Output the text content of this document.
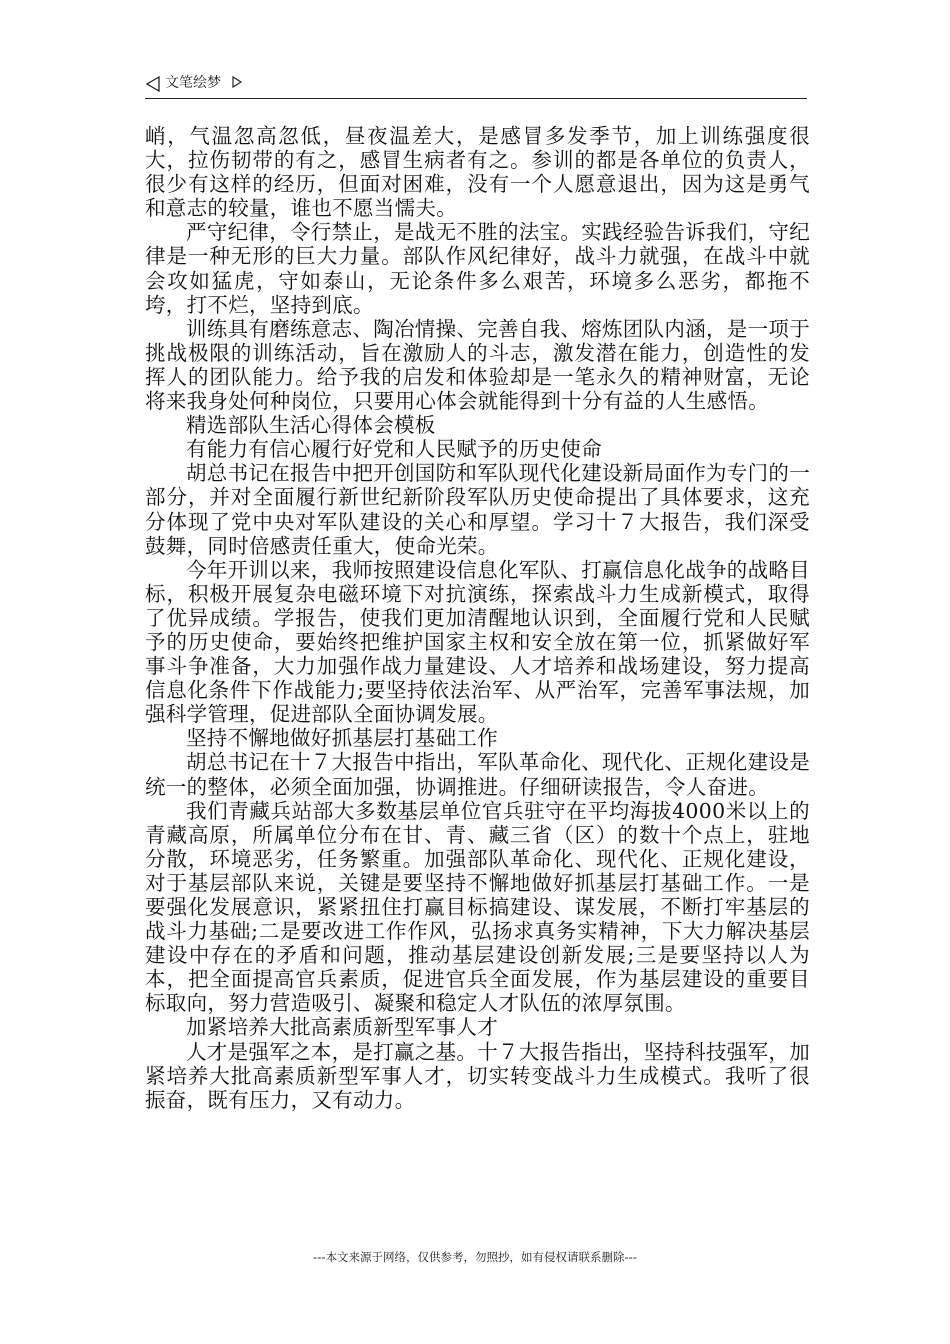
文笔绘梦

峭，气温忽高忽低，昼夜温差大，是感冒多发季节，加上训练强度很大，拉伤韧带的有之，感冒生病者有之。参训的都是各单位的负责人，很少有这样的经历，但面对困难，没有一个人愿意退出，因为这是勇气和意志的较量，谁也不愿当懦夫。

严守纪律，令行禁止，是战无不胜的法宝。实践经验告诉我们，守纪律是一种无形的巨大力量。部队作风纪律好，战斗力就强，在战斗中就会攻如猛虎，守如泰山，无论条件多么艰苦，环境多么恶劣，都拖不垮，打不烂，坚持到底。

训练具有磨练意志、陶冶情操、完善自我、熔炼团队内涵，是一项于挑战极限的训练活动，旨在激励人的斗志，激发潜在能力，创造性的发挥人的团队能力。给予我的启发和体验却是一笔永久的精神财富，无论将来我身处何种岗位，只要用心体会就能得到十分有益的人生感悟。

精选部队生活心得体会模板

有能力有信心履行好党和人民赋予的历史使命

胡总书记在报告中把开创国防和军队现代化建设新局面作为专门的一部分，并对全面履行新世纪新阶段军队历史使命提出了具体要求，这充分体现了党中央对军队建设的关心和厚望。学习十７大报告，我们深受鼓舞，同时倍感责任重大，使命光荣。

今年开训以来，我师按照建设信息化军队、打赢信息化战争的战略目标，积极开展复杂电磁环境下对抗演练，探索战斗力生成新模式，取得了优异成绩。学报告，使我们更加清醒地认识到，全面履行党和人民赋予的历史使命，要始终把维护国家主权和安全放在第一位，抓紧做好军事斗争准备，大力加强作战力量建设、人才培养和战场建设，努力提高信息化条件下作战能力;要坚持依法治军、从严治军，完善军事法规，加强科学管理，促进部队全面协调发展。

坚持不懈地做好抓基层打基础工作

胡总书记在十７大报告中指出，军队革命化、现代化、正规化建设是统一的整体，必须全面加强，协调推进。仔细研读报告，令人奋进。

我们青藏兵站部大多数基层单位官兵驻守在平均海拔4000米以上的青藏高原，所属单位分布在甘、青、藏三省（区）的数十个点上，驻地分散，环境恶劣，任务繁重。加强部队革命化、现代化、正规化建设，对于基层部队来说，关键是要坚持不懈地做好抓基层打基础工作。一是要强化发展意识，紧紧扭住打赢目标搞建设、谋发展，不断打牢基层的战斗力基础;二是要改进工作作风，弘扬求真务实精神，下大力解决基层建设中存在的矛盾和问题，推动基层建设创新发展;三是要坚持以人为本，把全面提高官兵素质，促进官兵全面发展，作为基层建设的重要目标取向，努力营造吸引、凝聚和稳定人才队伍的浓厚氛围。

加紧培养大批高素质新型军事人才

人才是强军之本，是打赢之基。十７大报告指出，坚持科技强军，加紧培养大批高素质新型军事人才，切实转变战斗力生成模式。我听了很振奋，既有压力，又有动力。

---本文来源于网络，仅供参考，勿照抄，如有侵权请联系删除---
